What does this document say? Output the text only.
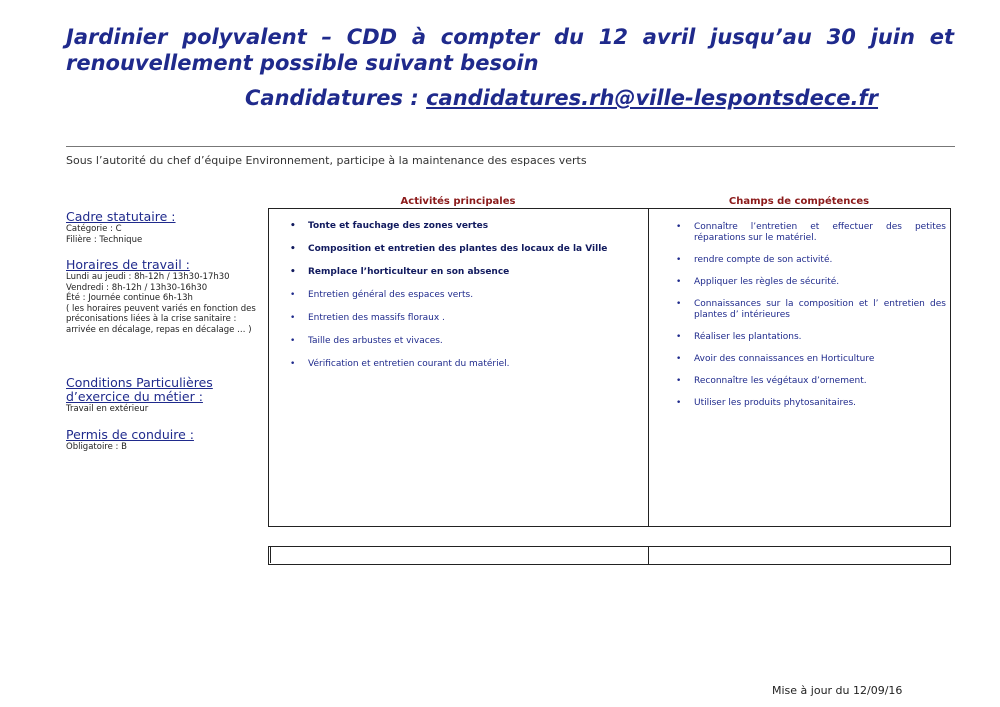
Jardinier polyvalent – CDD à compter du 12 avril jusqu’au 30 juin et
renouvellement possible suivant besoin
Candidatures : candidatures.rh@ville-lespontsdece.fr
Sous l’autorité du chef d’équipe Environnement, participe à la maintenance des espaces verts
Cadre statutaire :
Catégorie : C
Filière : Technique
Horaires de travail :
Lundi au jeudi : 8h-12h / 13h30-17h30
Vendredi : 8h-12h / 13h30-16h30
Été : Journée continue 6h-13h
( les horaires peuvent variés en fonction des préconisations liées à la crise sanitaire : arrivée en décalage, repas en décalage … )
Conditions Particulières d’exercice du métier :
Travail en extérieur
Permis de conduire :
Obligatoire : B
Activités principales	Champs de compétences
• Tonte et fauchage des zones vertes
• Composition et entretien des plantes des locaux de la Ville
• Remplace l’horticulteur en son absence
• Entretien général des espaces verts.
• Entretien des massifs floraux .
• Taille des arbustes et vivaces.
• Vérification et entretien courant du matériel.
• Connaître l’entretien et effectuer des petites réparations sur le matériel.
• rendre compte de son activité.
• Appliquer les règles de sécurité.
• Connaissances sur la composition et l’ entretien des plantes d’ intérieures
• Réaliser les plantations.
• Avoir des connaissances en Horticulture
• Reconnaître les végétaux d’ornement.
• Utiliser les produits phytosanitaires.
Mise à jour du 12/09/16
